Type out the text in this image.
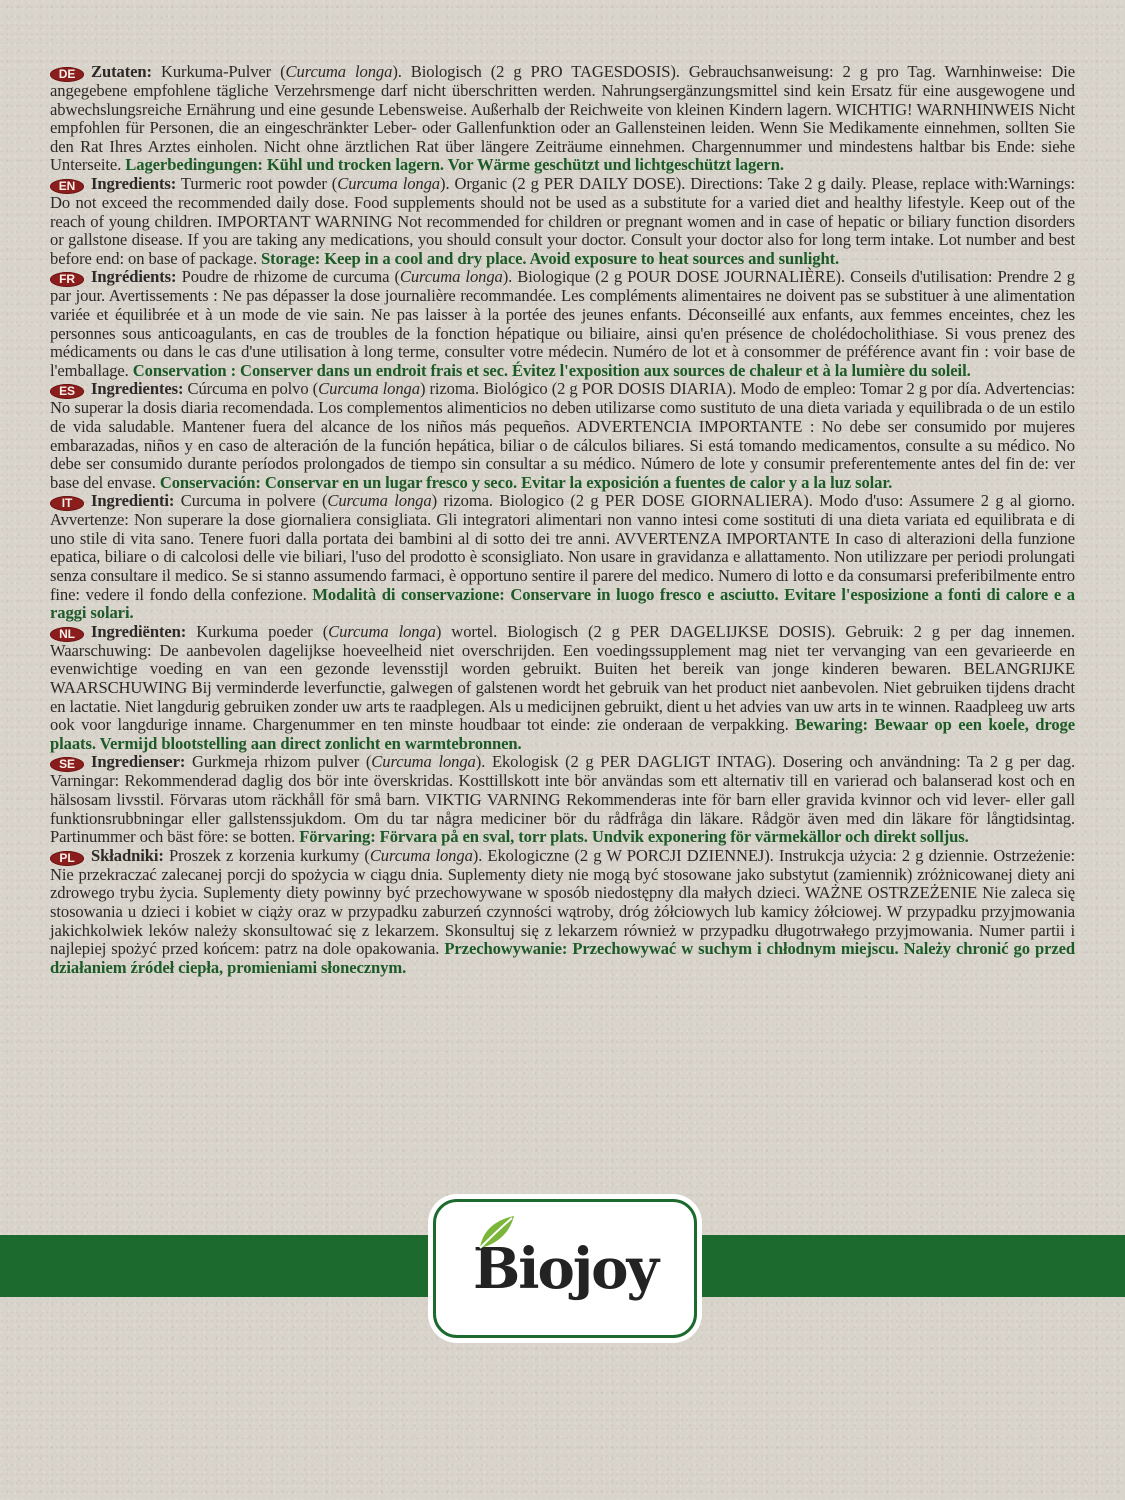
DE Zutaten: Kurkuma-Pulver (Curcuma longa). Biologisch (2 g PRO TAGESDOSIS). Gebrauchsanweisung: 2 g pro Tag. Warnhinweise: Die angegebene empfohlene tägliche Verzehrsmenge darf nicht überschritten werden. Nahrungsergänzungsmittel sind kein Ersatz für eine ausgewogene und abwechslungsreiche Ernährung und eine gesunde Lebensweise. Außerhalb der Reichweite von kleinen Kindern lagern. WICHTIG! WARNHINWEIS Nicht empfohlen für Personen, die an eingeschränkter Leber- oder Gallenfunktion oder an Gallensteinen leiden. Wenn Sie Medikamente einnehmen, sollten Sie den Rat Ihres Arztes einholen. Nicht ohne ärztlichen Rat über längere Zeiträume einnehmen. Chargennummer und mindestens haltbar bis Ende: siehe Unterseite. Lagerbedingungen: Kühl und trocken lagern. Vor Wärme geschützt und lichtgeschützt lagern.

EN Ingredients: Turmeric root powder (Curcuma longa). Organic (2 g PER DAILY DOSE). Directions: Take 2 g daily. Please, replace with:Warnings: Do not exceed the recommended daily dose. Food supplements should not be used as a substitute for a varied diet and healthy lifestyle. Keep out of the reach of young children. IMPORTANT WARNING Not recommended for children or pregnant women and in case of hepatic or biliary function disorders or gallstone disease. If you are taking any medications, you should consult your doctor. Consult your doctor also for long term intake. Lot number and best before end: on base of package. Storage: Keep in a cool and dry place. Avoid exposure to heat sources and sunlight.

FR Ingrédients: Poudre de rhizome de curcuma (Curcuma longa). Biologique (2 g POUR DOSE JOURNALIÈRE). Conseils d'utilisation: Prendre 2 g par jour. Avertissements : Ne pas dépasser la dose journalière recommandée. Les compléments alimentaires ne doivent pas se substituer à une alimentation variée et équilibrée et à un mode de vie sain. Ne pas laisser à la portée des jeunes enfants. Déconseillé aux enfants, aux femmes enceintes, chez les personnes sous anticoagulants, en cas de troubles de la fonction hépatique ou biliaire, ainsi qu'en présence de cholédocholithiase. Si vous prenez des médicaments ou dans le cas d'une utilisation à long terme, consulter votre médecin. Numéro de lot et à consommer de préférence avant fin : voir base de l'emballage. Conservation : Conserver dans un endroit frais et sec. Évitez l'exposition aux sources de chaleur et à la lumière du soleil.

ES Ingredientes: Cúrcuma en polvo (Curcuma longa) rizoma. Biológico (2 g POR DOSIS DIARIA). Modo de empleo: Tomar 2 g por día. Advertencias: No superar la dosis diaria recomendada. Los complementos alimenticios no deben utilizarse como sustituto de una dieta variada y equilibrada o de un estilo de vida saludable. Mantener fuera del alcance de los niños más pequeños. ADVERTENCIA IMPORTANTE : No debe ser consumido por mujeres embarazadas, niños y en caso de alteración de la función hepática, biliar o de cálculos biliares. Si está tomando medicamentos, consulte a su médico. No debe ser consumido durante períodos prolongados de tiempo sin consultar a su médico. Número de lote y consumir preferentemente antes del fin de: ver base del envase. Conservación: Conservar en un lugar fresco y seco. Evitar la exposición a fuentes de calor y a la luz solar.

IT Ingredienti: Curcuma in polvere (Curcuma longa) rizoma. Biologico (2 g PER DOSE GIORNALIERA). Modo d'uso: Assumere 2 g al giorno. Avvertenze: Non superare la dose giornaliera consigliata. Gli integratori alimentari non vanno intesi come sostituti di una dieta variata ed equilibrata e di uno stile di vita sano. Tenere fuori dalla portata dei bambini al di sotto dei tre anni. AVVERTENZA IMPORTANTE In caso di alterazioni della funzione epatica, biliare o di calcolosi delle vie biliari, l'uso del prodotto è sconsigliato. Non usare in gravidanza e allattamento. Non utilizzare per periodi prolungati senza consultare il medico. Se si stanno assumendo farmaci, è opportuno sentire il parere del medico. Numero di lotto e da consumarsi preferibilmente entro fine: vedere il fondo della confezione. Modalità di conservazione: Conservare in luogo fresco e asciutto. Evitare l'esposizione a fonti di calore e a raggi solari.

NL Ingrediënten: Kurkuma poeder (Curcuma longa) wortel. Biologisch (2 g PER DAGELIJKSE DOSIS). Gebruik: 2 g per dag innemen. Waarschuwing: De aanbevolen dagelijkse hoeveelheid niet overschrijden. Een voedingssupplement mag niet ter vervanging van een gevarieerde en evenwichtige voeding en van een gezonde levensstijl worden gebruikt. Buiten het bereik van jonge kinderen bewaren. BELANGRIJKE WAARSCHUWING Bij verminderde leverfunctie, galwegen of galstenen wordt het gebruik van het product niet aanbevolen. Niet gebruiken tijdens dracht en lactatie. Niet langdurig gebruiken zonder uw arts te raadplegen. Als u medicijnen gebruikt, dient u het advies van uw arts in te winnen. Raadpleeg uw arts ook voor langdurige inname. Chargenummer en ten minste houdbaar tot einde: zie onderaan de verpakking. Bewaring: Bewaar op een koele, droge plaats. Vermijd blootstelling aan direct zonlicht en warmtebronnen.

SE Ingredienser: Gurkmeja rhizom pulver (Curcuma longa). Ekologisk (2 g PER DAGLIGT INTAG). Dosering och användning: Ta 2 g per dag. Varningar: Rekommenderad daglig dos bör inte överskridas. Kosttillskott inte bör användas som ett alternativ till en varierad och balanserad kost och en hälsosam livsstil. Förvaras utom räckhåll för små barn. VIKTIG VARNING Rekommenderas inte för barn eller gravida kvinnor och vid lever- eller gall funktionsrubbningar eller gallstenssjukdom. Om du tar några mediciner bör du rådfråga din läkare. Rådgör även med din läkare för långtidsintag. Partinummer och bäst före: se botten. Förvaring: Förvara på en sval, torr plats. Undvik exponering för värmekällor och direkt solljus.

PL Składniki: Proszek z korzenia kurkumy (Curcuma longa). Ekologiczne (2 g W PORCJI DZIENNEJ). Instrukcja użycia: 2 g dziennie. Ostrzeżenie: Nie przekraczać zalecanej porcji do spożycia w ciągu dnia. Suplementy diety nie mogą być stosowane jako substytut (zamiennik) zróżnicowanej diety ani zdrowego trybu życia. Suplementy diety powinny być przechowywane w sposób niedostępny dla małych dzieci. WAŻNE OSTRZEŻENIE Nie zaleca się stosowania u dzieci i kobiet w ciąży oraz w przypadku zaburzeń czynności wątroby, dróg żółciowych lub kamicy żółciowej. W przypadku przyjmowania jakichkolwiek leków należy skonsultować się z lekarzem. Skonsultuj się z lekarzem również w przypadku długotrwałego przyjmowania. Numer partii i najlepiej spożyć przed końcem: patrz na dole opakowania. Przechowywanie: Przechowywać w suchym i chłodnym miejscu. Należy chronić go przed działaniem źródeł ciepła, promieniami słonecznym.

Biojoy
